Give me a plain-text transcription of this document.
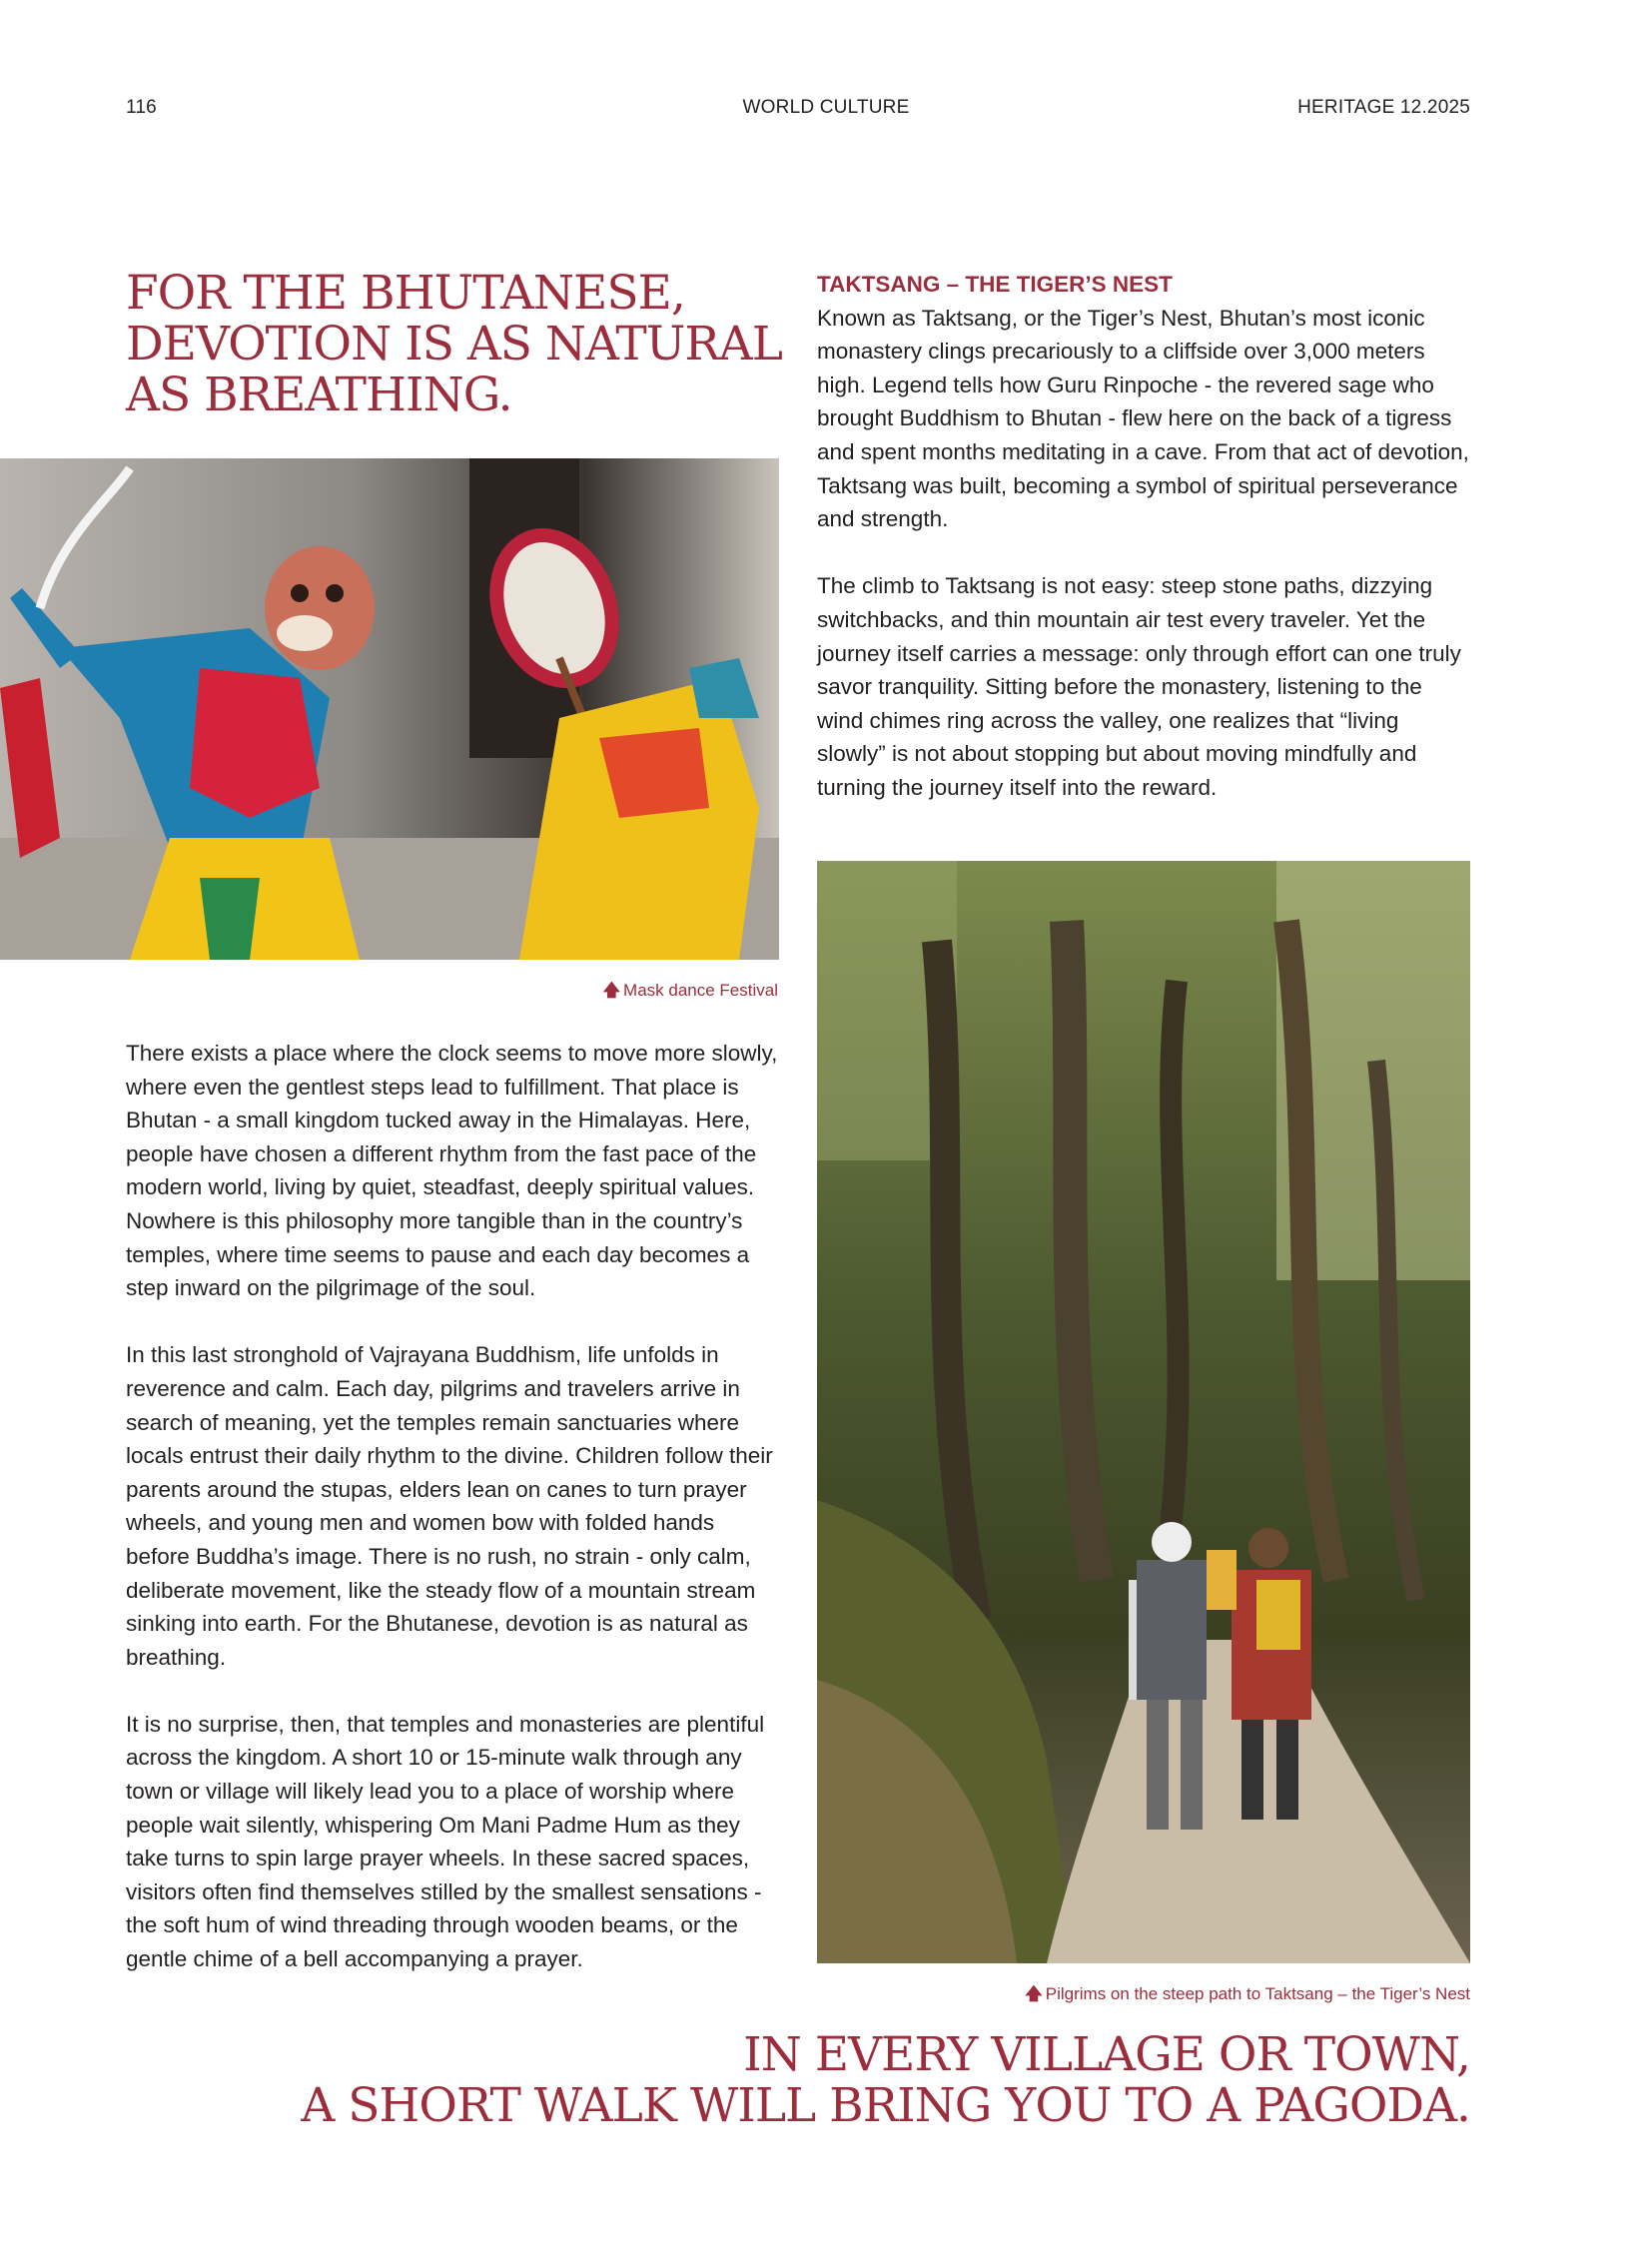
116	WORLD CULTURE	HERITAGE 12.2025
FOR THE BHUTANESE,
DEVOTION IS AS NATURAL
AS BREATHING.
🡅 Mask dance Festival
TAKTSANG – THE TIGER’S NEST

Known as Taktsang, or the Tiger’s Nest, Bhutan’s most iconic monastery clings precariously to a cliffside over 3,000 meters high. Legend tells how Guru Rinpoche - the revered sage who brought Buddhism to Bhutan - flew here on the back of a tigress and spent months meditating in a cave. From that act of devotion, Taktsang was built, becoming a symbol of spiritual perseverance and strength.

The climb to Taktsang is not easy: steep stone paths, dizzying switchbacks, and thin mountain air test every traveler. Yet the journey itself carries a message: only through effort can one truly savor tranquility. Sitting before the monastery, listening to the wind chimes ring across the valley, one realizes that “living slowly” is not about stopping but about moving mindfully and turning the journey itself into the reward.

🡅 Pilgrims on the steep path to Taktsang – the Tiger’s Nest

There exists a place where the clock seems to move more slowly, where even the gentlest steps lead to fulfillment. That place is Bhutan - a small kingdom tucked away in the Himalayas. Here, people have chosen a different rhythm from the fast pace of the modern world, living by quiet, steadfast, deeply spiritual values. Nowhere is this philosophy more tangible than in the country’s temples, where time seems to pause and each day becomes a step inward on the pilgrimage of the soul.

In this last stronghold of Vajrayana Buddhism, life unfolds in reverence and calm. Each day, pilgrims and travelers arrive in search of meaning, yet the temples remain sanctuaries where locals entrust their daily rhythm to the divine. Children follow their parents around the stupas, elders lean on canes to turn prayer wheels, and young men and women bow with folded hands before Buddha’s image. There is no rush, no strain - only calm, deliberate movement, like the steady flow of a mountain stream sinking into earth. For the Bhutanese, devotion is as natural as breathing.

It is no surprise, then, that temples and monasteries are plentiful across the kingdom. A short 10 or 15-minute walk through any town or village will likely lead you to a place of worship where people wait silently, whispering Om Mani Padme Hum as they take turns to spin large prayer wheels. In these sacred spaces, visitors often find themselves stilled by the smallest sensations - the soft hum of wind threading through wooden beams, or the gentle chime of a bell accompanying a prayer.

IN EVERY VILLAGE OR TOWN,
A SHORT WALK WILL BRING YOU TO A PAGODA.
